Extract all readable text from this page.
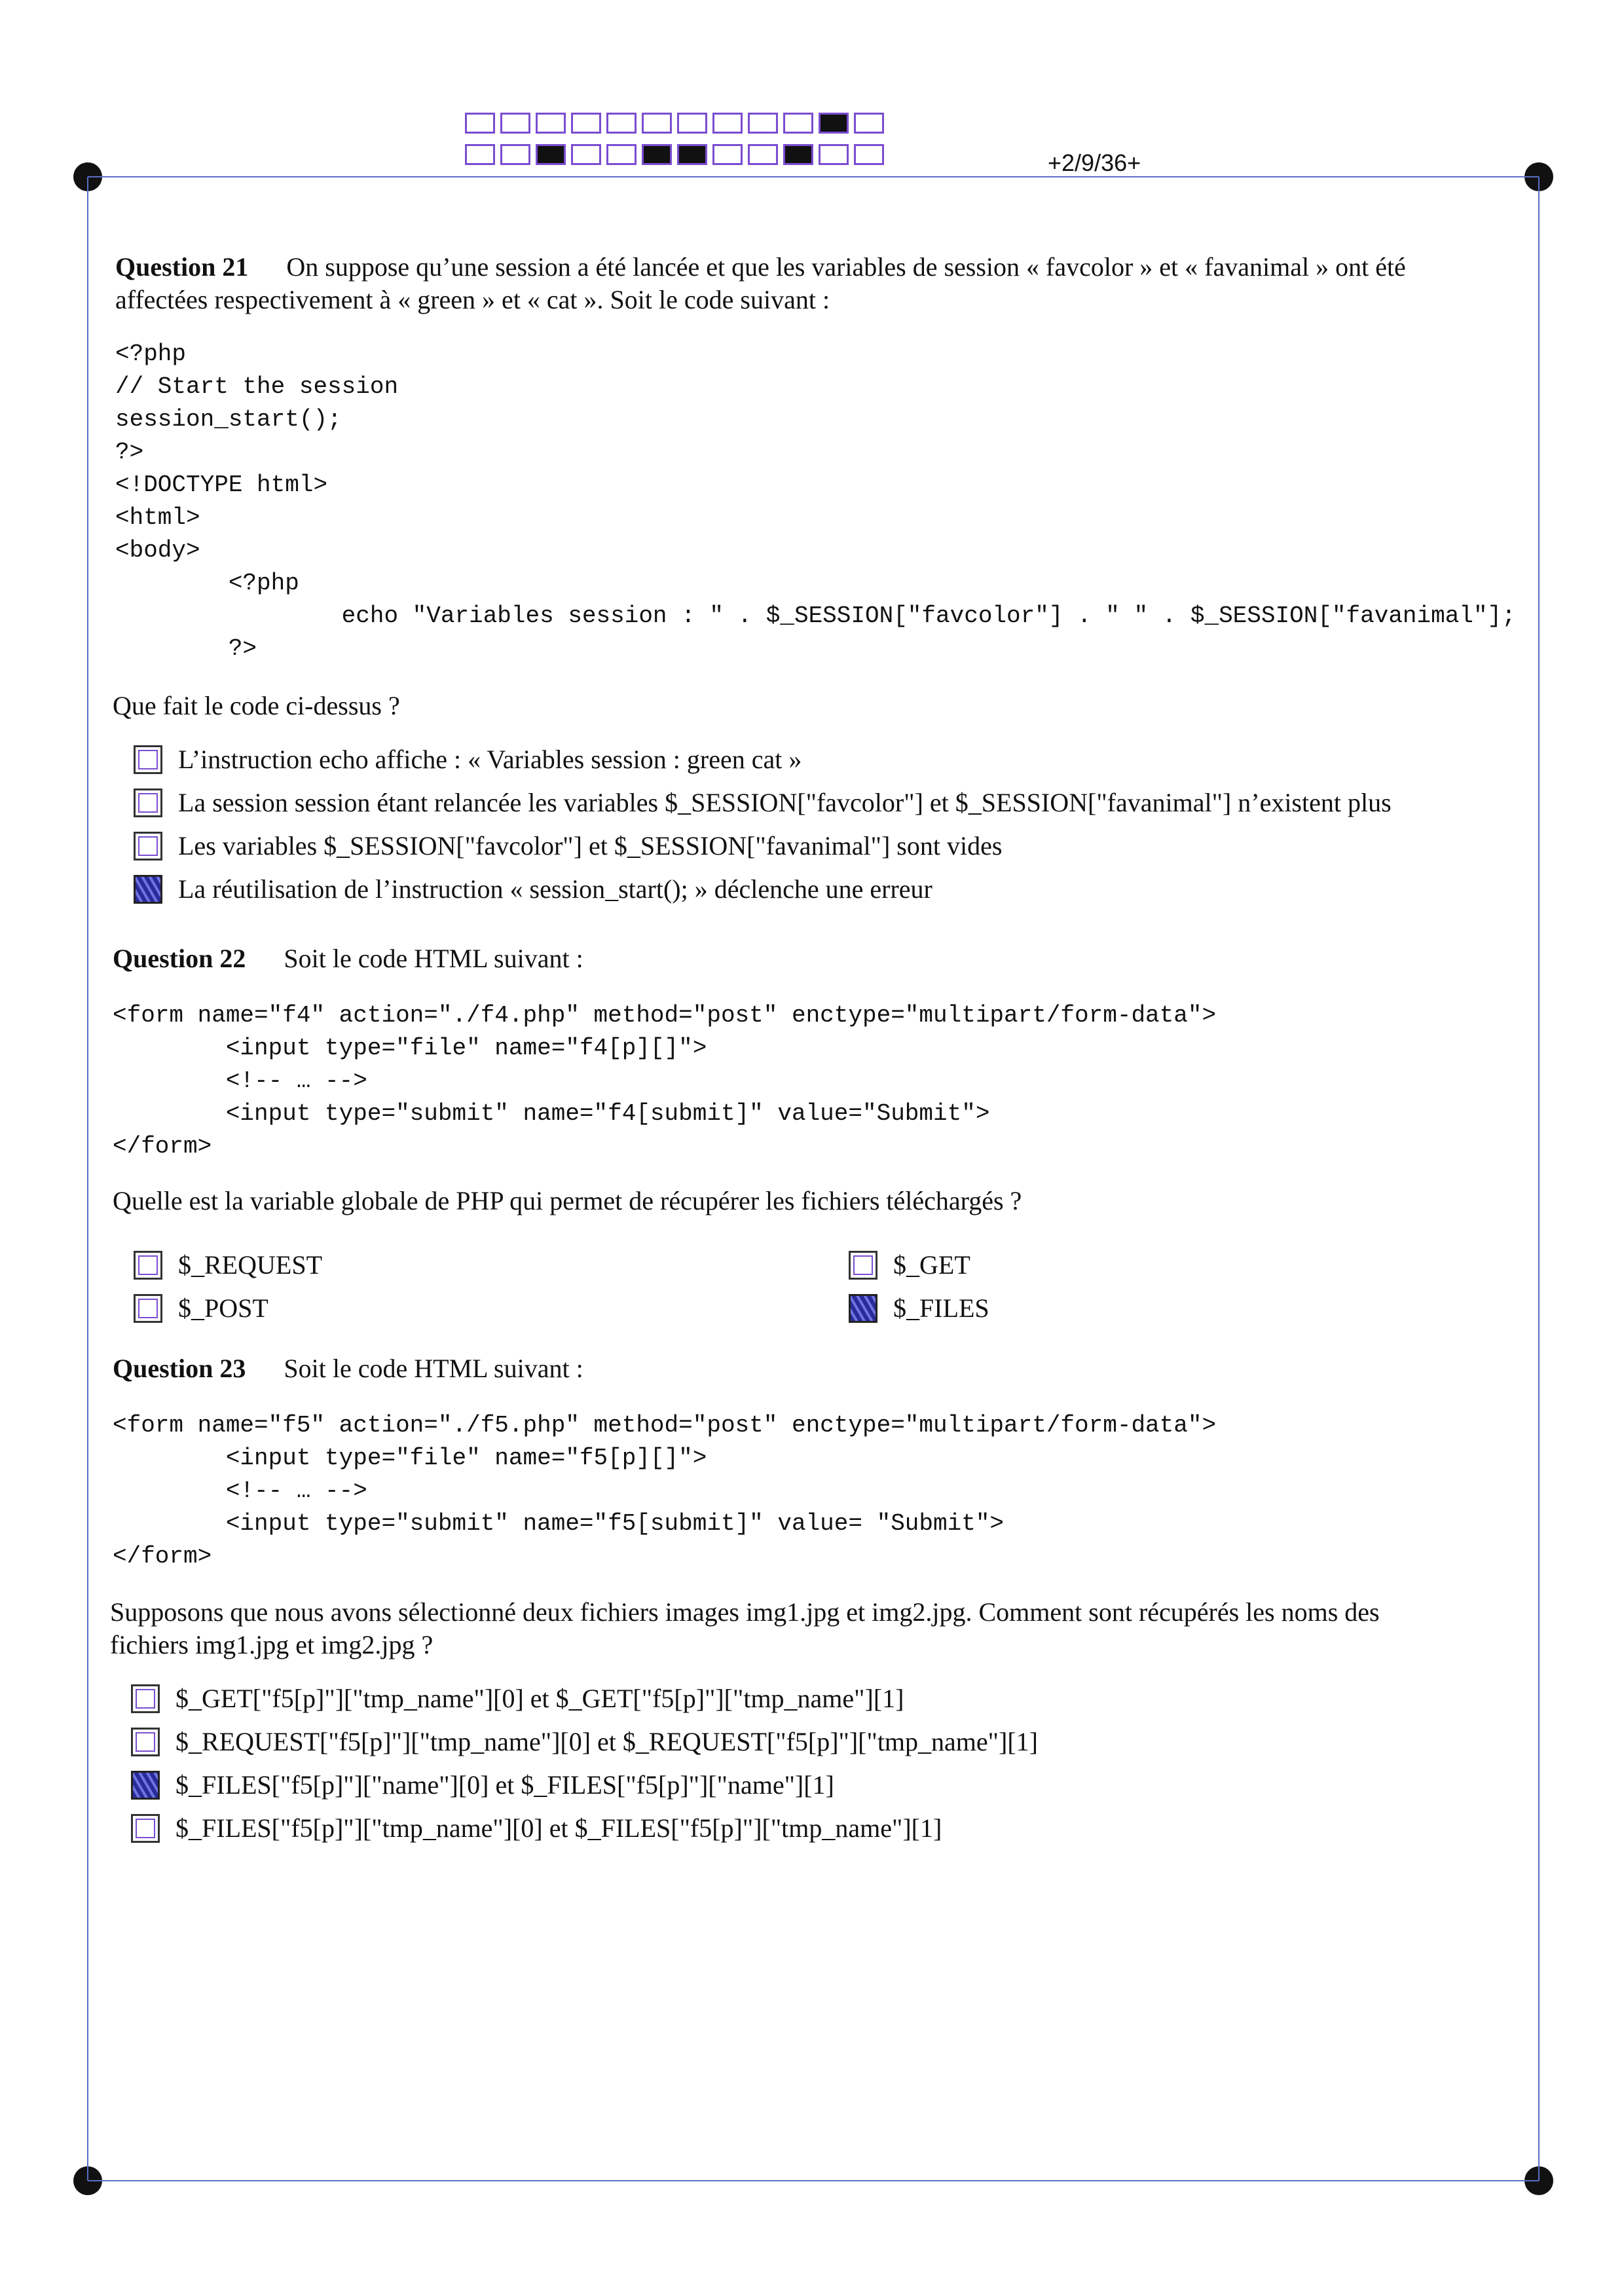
+2/9/36+
Question 21 On suppose qu’une session a été lancée et que les variables de session « favcolor » et « favanimal » ont été
affectées respectivement à « green » et « cat ». Soit le code suivant :
<?php
// Start the session
session_start();
?>
<!DOCTYPE html>
<html>
<body>
<?php
echo "Variables session : " . $_SESSION["favcolor"] . " " . $_SESSION["favanimal"];
?>
Que fait le code ci-dessus ?
L’instruction echo affiche : « Variables session : green cat »
La session session étant relancée les variables $_SESSION["favcolor"] et $_SESSION["favanimal"] n’existent plus
Les variables $_SESSION["favcolor"] et $_SESSION["favanimal"] sont vides
La réutilisation de l’instruction « session_start(); » déclenche une erreur
Question 22 Soit le code HTML suivant :
<form name="f4" action="./f4.php" method="post" enctype="multipart/form-data">
<input type="file" name="f4[p][]">
<!-- … -->
<input type="submit" name="f4[submit]" value="Submit">
</form>
Quelle est la variable globale de PHP qui permet de récupérer les fichiers téléchargés ?
$_REQUEST	$_GET
$_POST	$_FILES
Question 23 Soit le code HTML suivant :
<form name="f5" action="./f5.php" method="post" enctype="multipart/form-data">
<input type="file" name="f5[p][]">
<!-- … -->
<input type="submit" name="f5[submit]" value= "Submit">
</form>
Supposons que nous avons sélectionné deux fichiers images img1.jpg et img2.jpg. Comment sont récupérés les noms des
fichiers img1.jpg et img2.jpg ?
$_GET["f5[p]"]["tmp_name"][0] et $_GET["f5[p]"]["tmp_name"][1]
$_REQUEST["f5[p]"]["tmp_name"][0] et $_REQUEST["f5[p]"]["tmp_name"][1]
$_FILES["f5[p]"]["name"][0] et $_FILES["f5[p]"]["name"][1]
$_FILES["f5[p]"]["tmp_name"][0] et $_FILES["f5[p]"]["tmp_name"][1]
